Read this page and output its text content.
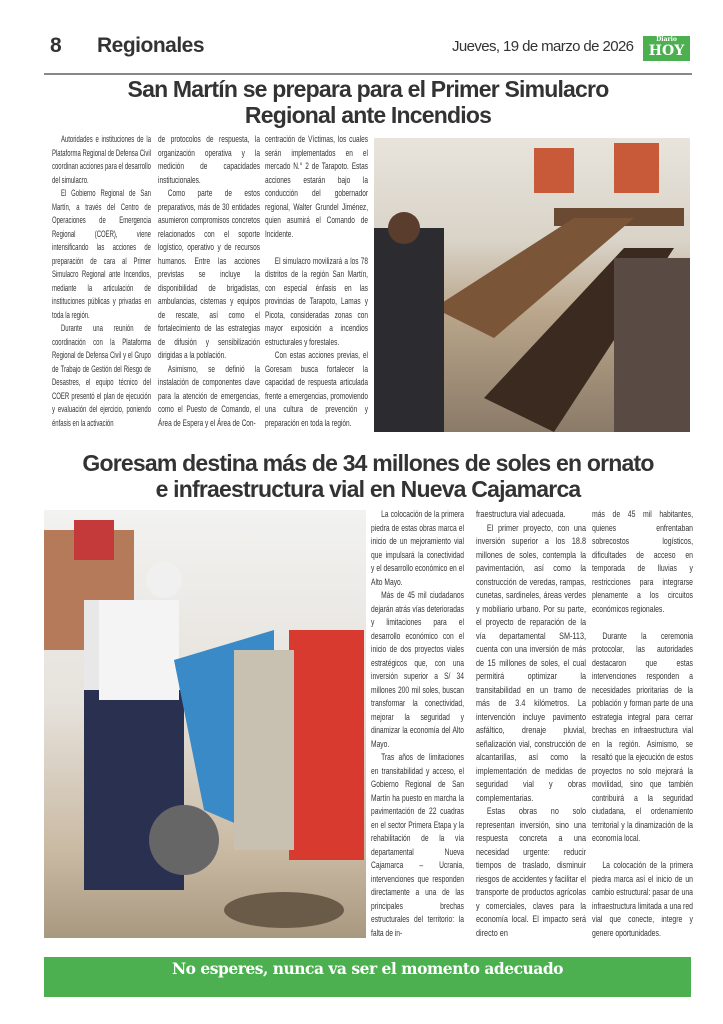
8 Regionales	Jueves, 19 de marzo de 2026	Diario
HOY
San Martín se prepara para el Primer Simulacro
Regional ante Incendios

Autoridades e instituciones de la Plataforma Regional de Defensa Civil coordinan acciones para el desarrollo del simulacro.

El Gobierno Regional de San Martín, a través del Centro de Operaciones de Emergencia Regional (COER), viene intensificando las acciones de preparación de cara al Primer Simulacro Regional ante Incendios, mediante la articulación de instituciones públicas y privadas en toda la región.

Durante una reunión de coordinación con la Plataforma Regional de Defensa Civil y el Grupo de Trabajo de Gestión del Riesgo de Desastres, el equipo técnico del COER presentó el plan de ejecución y evaluación del ejercicio, poniendo énfasis en la activación

de protocolos de respuesta, la organización operativa y la medición de capacidades institucionales.

Como parte de estos preparativos, más de 30 entidades asumieron compromisos concretos relacionados con el soporte logístico, operativo y de recursos humanos. Entre las acciones previstas se incluye la disponibilidad de brigadistas, ambulancias, cisternas y equipos de rescate, así como el fortalecimiento de las estrategias de difusión y sensibilización dirigidas a la población.

Asimismo, se definió la instalación de componentes clave para la atención de emergencias, como el Puesto de Comando, el Área de Espera y el Área de Con-

centración de Víctimas, los cuales serán implementados en el mercado N.° 2 de Tarapoto. Estas acciones estarán bajo la conducción del gobernador regional, Walter Grundel Jiménez, quien asumirá el Comando de Incidente.

El simulacro movilizará a los 78 distritos de la región San Martín, con especial énfasis en las provincias de Tarapoto, Lamas y Picota, consideradas zonas con mayor exposición a incendios estructurales y forestales.

Con estas acciones previas, el Goresam busca fortalecer la capacidad de respuesta articulada frente a emergencias, promoviendo una cultura de prevención y preparación en toda la región.

Goresam destina más de 34 millones de soles en ornato
e infraestructura vial en Nueva Cajamarca

La colocación de la primera piedra de estas obras marca el inicio de un mejoramiento vial que impulsará la conectividad y el desarrollo económico en el Alto Mayo.

Más de 45 mil ciudadanos dejarán atrás vías deterioradas y limitaciones para el desarrollo económico con el inicio de dos proyectos viales estratégicos que, con una inversión superior a S/ 34 millones 200 mil soles, buscan transformar la conectividad, mejorar la seguridad y dinamizar la economía del Alto Mayo.

Tras años de limitaciones en transitabilidad y acceso, el Gobierno Regional de San Martín ha puesto en marcha la pavimentación de 22 cuadras en el sector Primera Etapa y la rehabilitación de la vía departamental Nueva Cajamarca – Ucrania, intervenciones que responden directamente a una de las principales brechas estructurales del territorio: la falta de in-

fraestructura vial adecuada.

El primer proyecto, con una inversión superior a los 18.8 millones de soles, contempla la pavimentación, así como la construcción de veredas, rampas, cunetas, sardineles, áreas verdes y mobiliario urbano. Por su parte, el proyecto de reparación de la vía departamental SM-113, cuenta con una inversión de más de 15 millones de soles, el cual permitirá optimizar la transitabilidad en un tramo de más de 3.4 kilómetros. La intervención incluye pavimento asfáltico, drenaje pluvial, señalización vial, construcción de alcantarillas, así como la implementación de medidas de seguridad vial y obras complementarias.

Estas obras no solo representan inversión, sino una respuesta concreta a una necesidad urgente: reducir tiempos de traslado, disminuir riesgos de accidentes y facilitar el transporte de productos agrícolas y comerciales, claves para la economía local. El impacto será directo en

más de 45 mil habitantes, quienes enfrentaban sobrecostos logísticos, dificultades de acceso en temporada de lluvias y restricciones para integrarse plenamente a los circuitos económicos regionales.

Durante la ceremonia protocolar, las autoridades destacaron que estas intervenciones responden a necesidades prioritarias de la población y forman parte de una estrategia integral para cerrar brechas en infraestructura vial en la región. Asimismo, se resaltó que la ejecución de estos proyectos no solo mejorará la movilidad, sino que también contribuirá a la seguridad ciudadana, el ordenamiento territorial y la dinamización de la economía local.

La colocación de la primera piedra marca así el inicio de un cambio estructural: pasar de una infraestructura limitada a una red vial que conecte, integre y genere oportunidades.

No esperes, nunca va ser el momento adecuado
